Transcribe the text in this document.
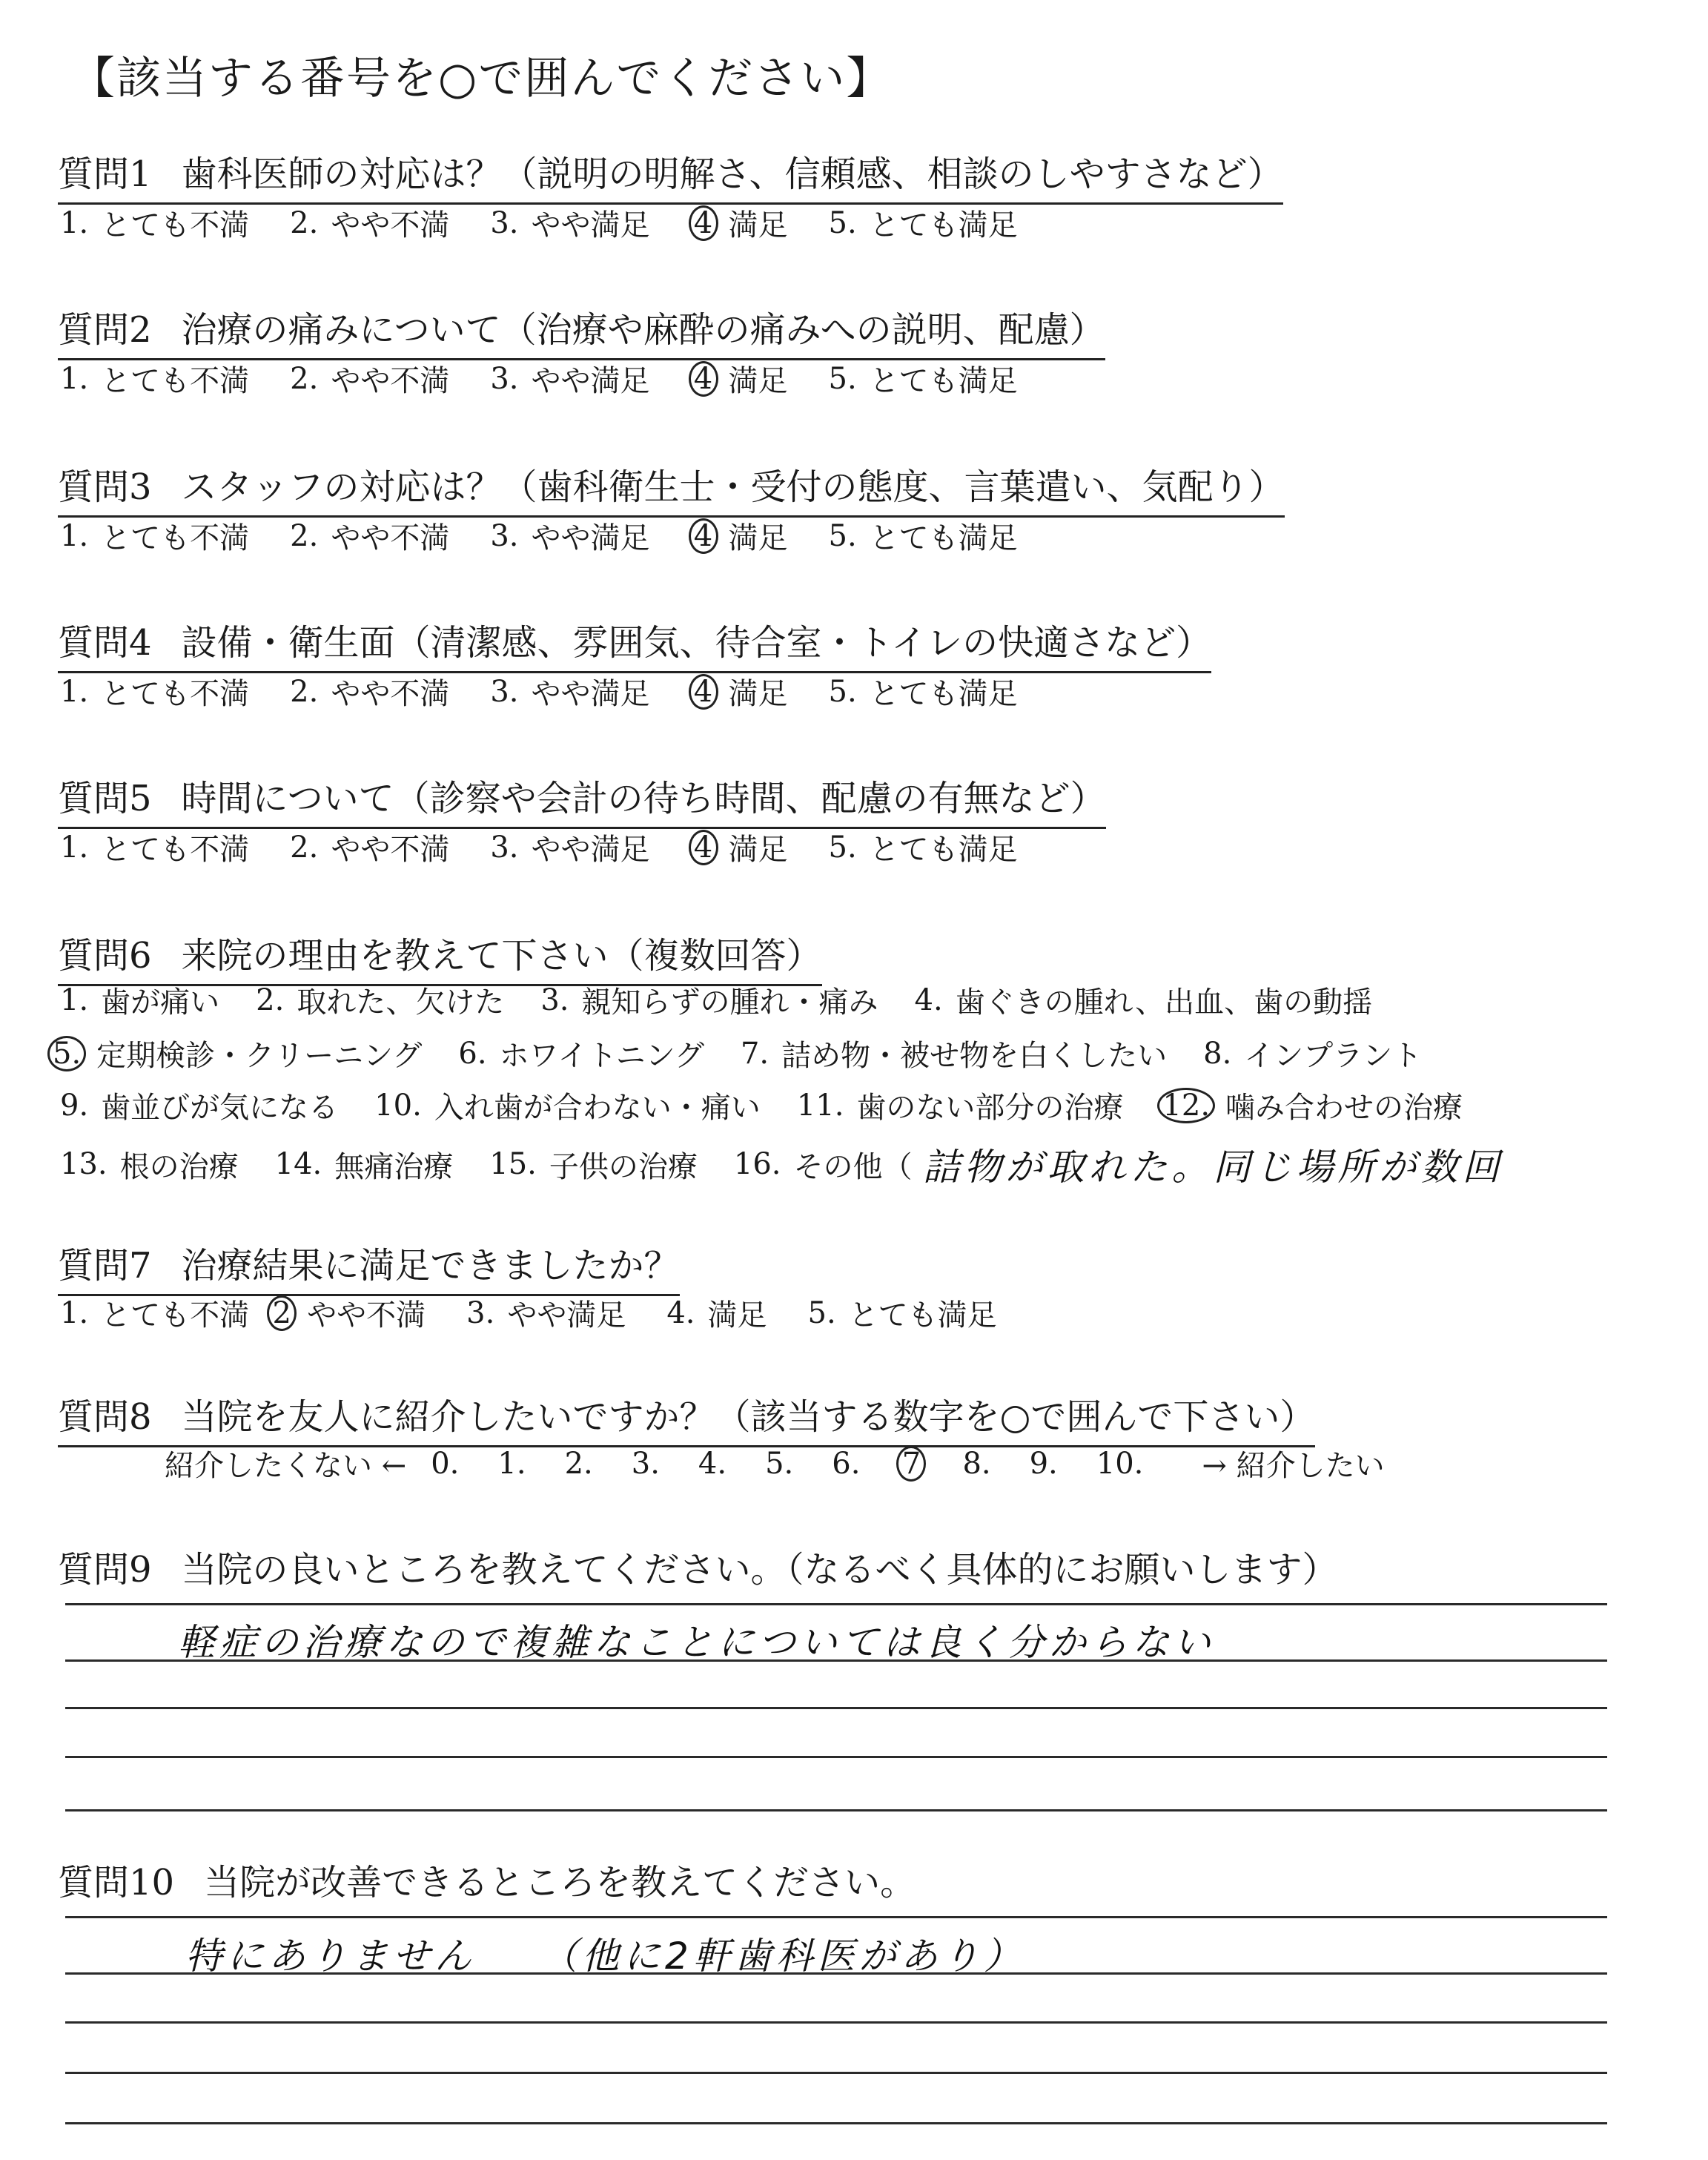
【該当する番号を○で囲んでください】
質問1 歯科医師の対応は？（説明の明解さ、信頼感、相談のしやすさなど）
1. とても不満 2. やや不満 3. やや満足 4 満足 5. とても満足
質問2 治療の痛みについて（治療や麻酔の痛みへの説明、配慮）
1. とても不満 2. やや不満 3. やや満足 4 満足 5. とても満足
質問3 スタッフの対応は？（歯科衛生士・受付の態度、言葉遣い、気配り）
1. とても不満 2. やや不満 3. やや満足 4 満足 5. とても満足
質問4 設備・衛生面（清潔感、雰囲気、待合室・トイレの快適さなど）
1. とても不満 2. やや不満 3. やや満足 4 満足 5. とても満足
質問5 時間について（診察や会計の待ち時間、配慮の有無など）
1. とても不満 2. やや不満 3. やや満足 4 満足 5. とても満足
質問6 来院の理由を教えて下さい（複数回答）
1. 歯が痛い 2. 取れた、欠けた 3. 親知らずの腫れ・痛み 4. 歯ぐきの腫れ、出血、歯の動揺
5. 定期検診・クリーニング 6. ホワイトニング 7. 詰め物・被せ物を白くしたい 8. インプラント
9. 歯並びが気になる 10. 入れ歯が合わない・痛い 11. 歯のない部分の治療 12. 噛み合わせの治療
13. 根の治療 14. 無痛治療 15. 子供の治療 16. その他（ 詰物が取れた。同じ場所が数回
質問7 治療結果に満足できましたか？
1. とても不満 2 やや不満 3. やや満足 4. 満足 5. とても満足
質問8 当院を友人に紹介したいですか？（該当する数字を○で囲んで下さい）
紹介したくない ← 0. 1. 2. 3. 4. 5. 6. 7 8. 9. 10. → 紹介したい
質問9 当院の良いところを教えてください。（なるべく具体的にお願いします）
軽症の治療なので複雑なことについては良く分からない
質問10 当院が改善できるところを教えてください。
特にありません　　（他に2軒歯科医があり）
